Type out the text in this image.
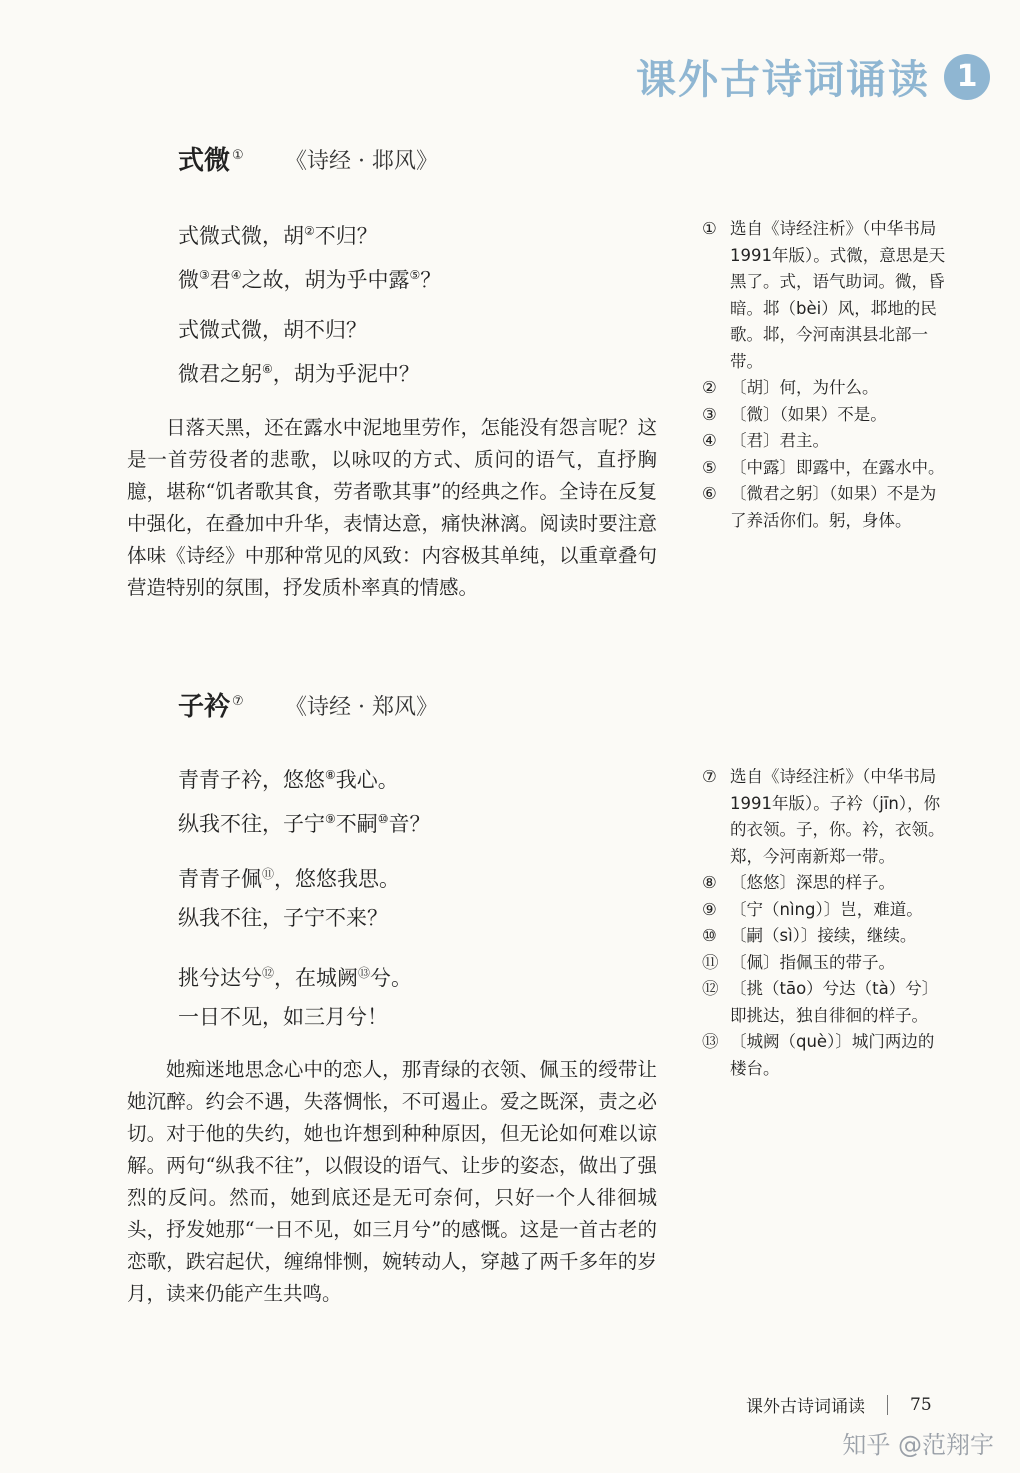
课外古诗词诵读 1
式微 ① 《诗经 · 邶风》
式微式微，胡②不归？
微③君④之故，胡为乎中露⑤？
式微式微，胡不归？
微君之躬⑥，胡为乎泥中？
日落天黑，还在露水中泥地里劳作，怎能没有怨言呢？这是一首劳役者的悲歌，以咏叹的方式、质问的语气，直抒胸臆，堪称“饥者歌其食，劳者歌其事”的经典之作。全诗在反复中强化，在叠加中升华，表情达意，痛快淋漓。阅读时要注意体味《诗经》中那种常见的风致：内容极其单纯，以重章叠句营造特别的氛围，抒发质朴率真的情感。
① 选自《诗经注析》（中华书局1991年版）。式微，意思是天黑了。式，语气助词。微，昏暗。邶（bèi）风，邶地的民歌。邶，今河南淇县北部一带。
② 〔胡〕何，为什么。
③ 〔微〕（如果）不是。
④ 〔君〕君主。
⑤ 〔中露〕即露中，在露水中。
⑥ 〔微君之躬〕（如果）不是为了养活你们。躬，身体。
子衿 ⑦ 《诗经 · 郑风》
青青子衿，悠悠⑧我心。
纵我不往，子宁⑨不嗣⑩音？
青青子佩⑪，悠悠我思。
纵我不往，子宁不来？
挑兮达兮⑫，在城阙⑬兮。
一日不见，如三月兮！
她痴迷地思念心中的恋人，那青绿的衣领、佩玉的绶带让她沉醉。约会不遇，失落惆怅，不可遏止。爱之既深，责之必切。对于他的失约，她也许想到种种原因，但无论如何难以谅解。两句“纵我不往”，以假设的语气、让步的姿态，做出了强烈的反问。然而，她到底还是无可奈何，只好一个人徘徊城头，抒发她那“一日不见，如三月兮”的感慨。这是一首古老的恋歌，跌宕起伏，缠绵悱恻，婉转动人，穿越了两千多年的岁月，读来仍能产生共鸣。
⑦ 选自《诗经注析》（中华书局1991年版）。子衿（jīn），你的衣领。子，你。衿，衣领。郑，今河南新郑一带。
⑧ 〔悠悠〕深思的样子。
⑨ 〔宁（nìng）〕岂，难道。
⑩ 〔嗣（sì）〕接续，继续。
⑪ 〔佩〕指佩玉的带子。
⑫ 〔挑（tāo）兮达（tà）兮〕即挑达，独自徘徊的样子。
⑬ 〔城阙（què）〕城门两边的楼台。
课外古诗词诵读	75
知乎 @范翔宇
